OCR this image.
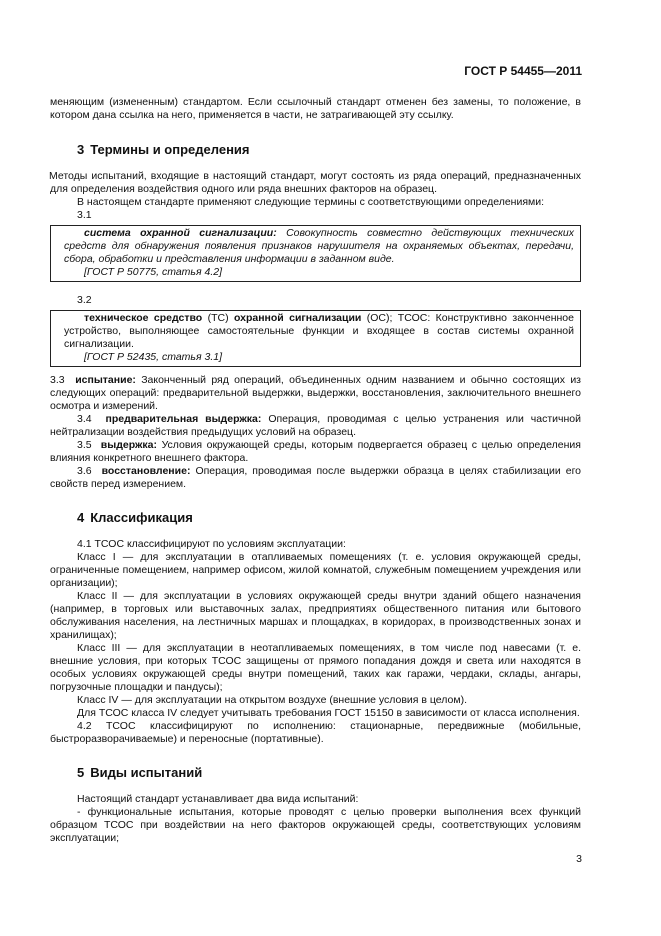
ГОСТ Р 54455—2011

меняющим (измененным) стандартом. Если ссылочный стандарт отменен без замены, то положение, в котором дана ссылка на него, применяется в части, не затрагивающей эту ссылку.

3 Термины и определения

Методы испытаний, входящие в настоящий стандарт, могут состоять из ряда операций, предназначенных для определения воздействия одного или ряда внешних факторов на образец.

В настоящем стандарте применяют следующие термины с соответствующими определениями:

3.1

система охранной сигнализации: Совокупность совместно действующих технических средств для обнаружения появления признаков нарушителя на охраняемых объектах, передачи, сбора, обработки и представления информации в заданном виде.

[ГОСТ Р 50775, статья 4.2]

3.2

техническое средство (ТС) охранной сигнализации (ОС); ТСОС: Конструктивно законченное устройство, выполняющее самостоятельные функции и входящее в состав системы охранной сигнализации.

[ГОСТ Р 52435, статья 3.1]

3.3 испытание: Законченный ряд операций, объединенных одним названием и обычно состоящих из следующих операций: предварительной выдержки, выдержки, восстановления, заключительного внешнего осмотра и измерений.

3.4 предварительная выдержка: Операция, проводимая с целью устранения или частичной нейтрализации воздействия предыдущих условий на образец.

3.5 выдержка: Условия окружающей среды, которым подвергается образец с целью определения влияния конкретного внешнего фактора.

3.6 восстановление: Операция, проводимая после выдержки образца в целях стабилизации его свойств перед измерением.

4 Классификация

4.1 ТСОС классифицируют по условиям эксплуатации:

Класс I — для эксплуатации в отапливаемых помещениях (т. е. условия окружающей среды, ограниченные помещением, например офисом, жилой комнатой, служебным помещением учреждения или организации);

Класс II — для эксплуатации в условиях окружающей среды внутри зданий общего назначения (например, в торговых или выставочных залах, предприятиях общественного питания или бытового обслуживания населения, на лестничных маршах и площадках, в коридорах, в производственных зонах и хранилищах);

Класс III — для эксплуатации в неотапливаемых помещениях, в том числе под навесами (т. е. внешние условия, при которых ТСОС защищены от прямого попадания дождя и света или находятся в особых условиях окружающей среды внутри помещений, таких как гаражи, чердаки, склады, ангары, погрузочные площадки и пандусы);

Класс IV — для эксплуатации на открытом воздухе (внешние условия в целом).

Для ТСОС класса IV следует учитывать требования ГОСТ 15150 в зависимости от класса исполнения.

4.2 ТСОС классифицируют по исполнению: стационарные, передвижные (мобильные, быстроразворачиваемые) и переносные (портативные).

5 Виды испытаний

Настоящий стандарт устанавливает два вида испытаний:

- функциональные испытания, которые проводят с целью проверки выполнения всех функций образцом ТСОС при воздействии на него факторов окружающей среды, соответствующих условиям эксплуатации;

3
